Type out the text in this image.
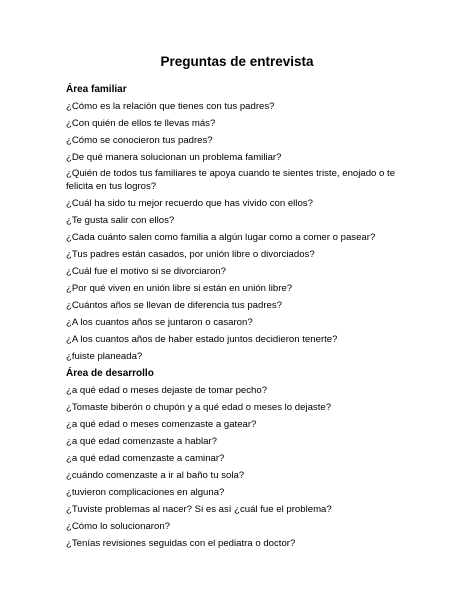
Preguntas de entrevista
Área familiar
¿Cómo es la relación que tienes con tus padres?
¿Con quién de ellos te llevas más?
¿Cómo se conocieron tus padres?
¿De qué manera solucionan un problema familiar?
¿Quién de todos tus familiares te apoya cuando te sientes triste, enojado o te felicita en tus logros?
¿Cuál ha sido tu mejor recuerdo que has vivido con ellos?
¿Te gusta salir con ellos?
¿Cada cuánto salen como familia a algún lugar como a comer o pasear?
¿Tus padres están casados, por unión libre o divorciados?
¿Cuál fue el motivo si se divorciaron?
¿Por qué viven en unión libre si están en unión libre?
¿Cuántos años se llevan de diferencia tus padres?
¿A los cuantos años se juntaron o casaron?
¿A los cuantos años de haber estado juntos decidieron tenerte?
¿fuiste planeada?
Área de desarrollo
¿a qué edad o meses dejaste de tomar pecho?
¿Tomaste biberón o chupón y a qué edad o meses lo dejaste?
¿a qué edad o meses comenzaste a gatear?
¿a qué edad comenzaste a hablar?
¿a qué edad comenzaste a caminar?
¿cuándo comenzaste a ir al baño tu sola?
¿tuvieron complicaciones en alguna?
¿Tuviste problemas al nacer? Si es así ¿cuál fue el problema?
¿Cómo lo solucionaron?
¿Tenías revisiones seguidas con el pediatra o doctor?
